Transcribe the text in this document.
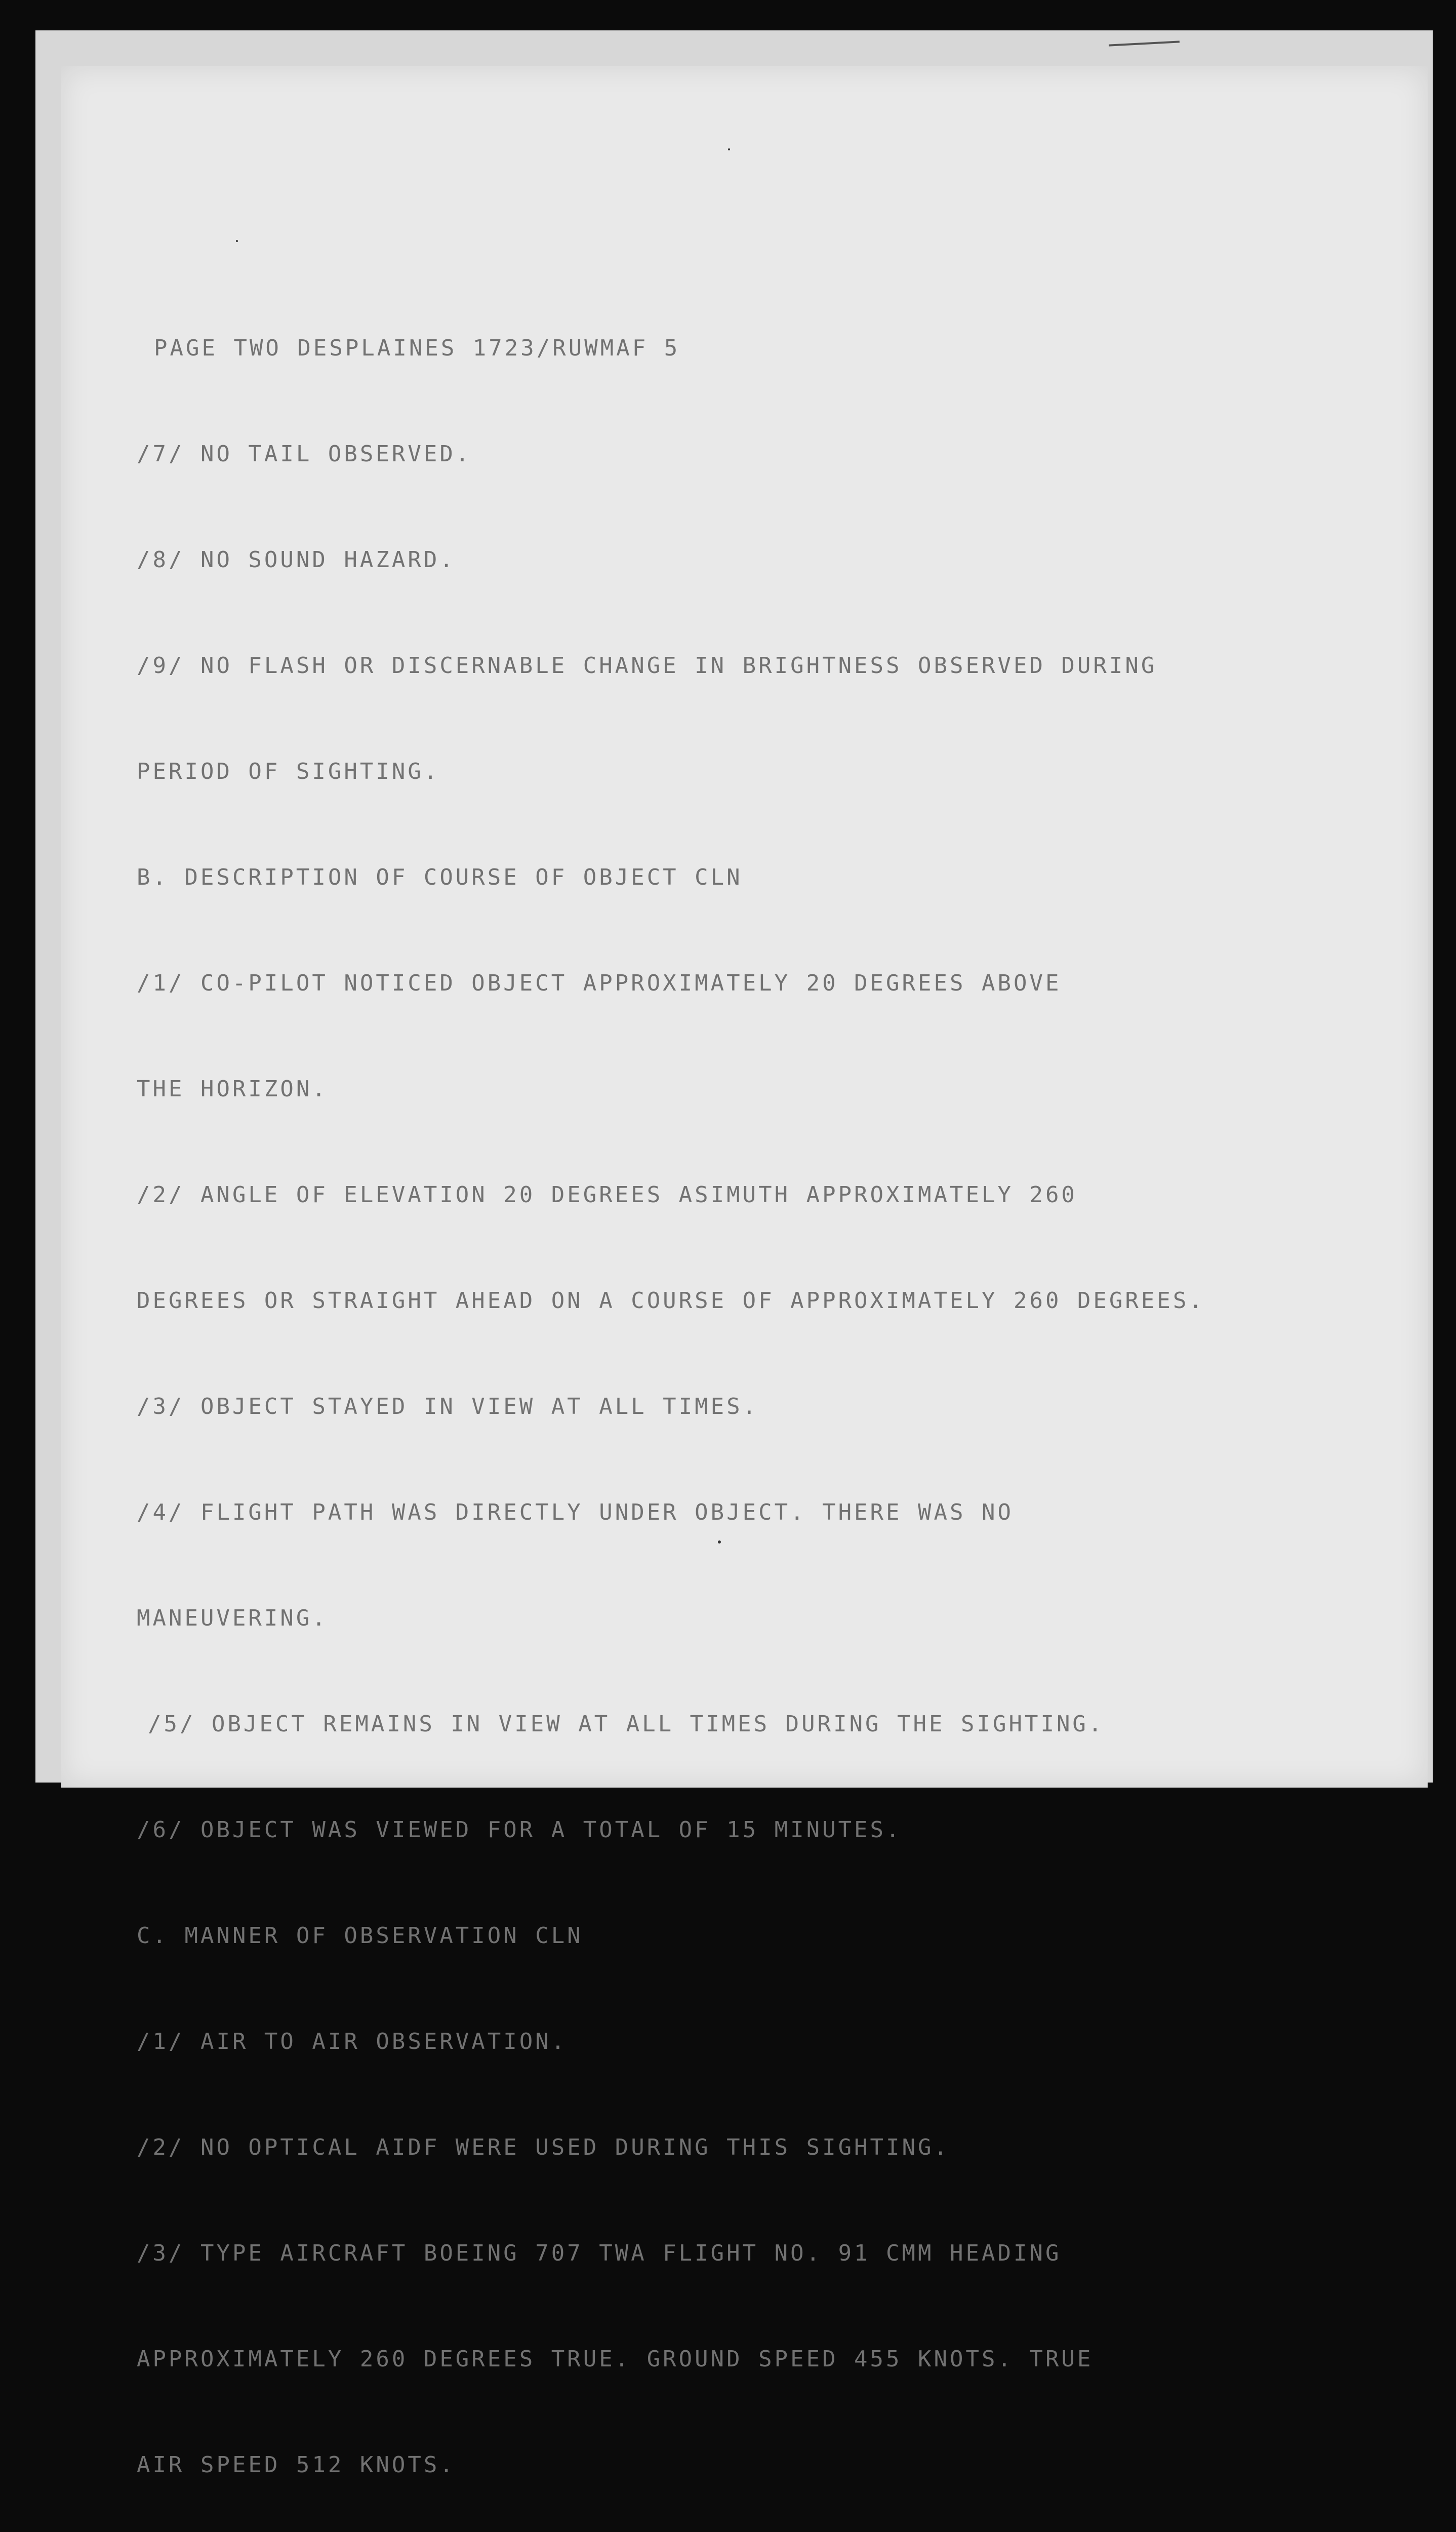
PAGE TWO DESPLAINES 1723/RUWMAF 5

/7/ NO TAIL OBSERVED.

/8/ NO SOUND HAZARD.

/9/ NO FLASH OR DISCERNABLE CHANGE IN BRIGHTNESS OBSERVED DURING

PERIOD OF SIGHTING.

B. DESCRIPTION OF COURSE OF OBJECT CLN

/1/ CO-PILOT NOTICED OBJECT APPROXIMATELY 20 DEGREES ABOVE

THE HORIZON.

/2/ ANGLE OF ELEVATION 20 DEGREES ASIMUTH APPROXIMATELY 260

DEGREES OR STRAIGHT AHEAD ON A COURSE OF APPROXIMATELY 260 DEGREES.

/3/ OBJECT STAYED IN VIEW AT ALL TIMES.

/4/ FLIGHT PATH WAS DIRECTLY UNDER OBJECT. THERE WAS NO

MANEUVERING.

/5/ OBJECT REMAINS IN VIEW AT ALL TIMES DURING THE SIGHTING.

/6/ OBJECT WAS VIEWED FOR A TOTAL OF 15 MINUTES.

C. MANNER OF OBSERVATION CLN

/1/ AIR TO AIR OBSERVATION.

/2/ NO OPTICAL AIDF WERE USED DURING THIS SIGHTING.

/3/ TYPE AIRCRAFT BOEING 707 TWA FLIGHT NO. 91 CMM HEADING

APPROXIMATELY 260 DEGREES TRUE. GROUND SPEED 455 KNOTS. TRUE

AIR SPEED 512 KNOTS.
